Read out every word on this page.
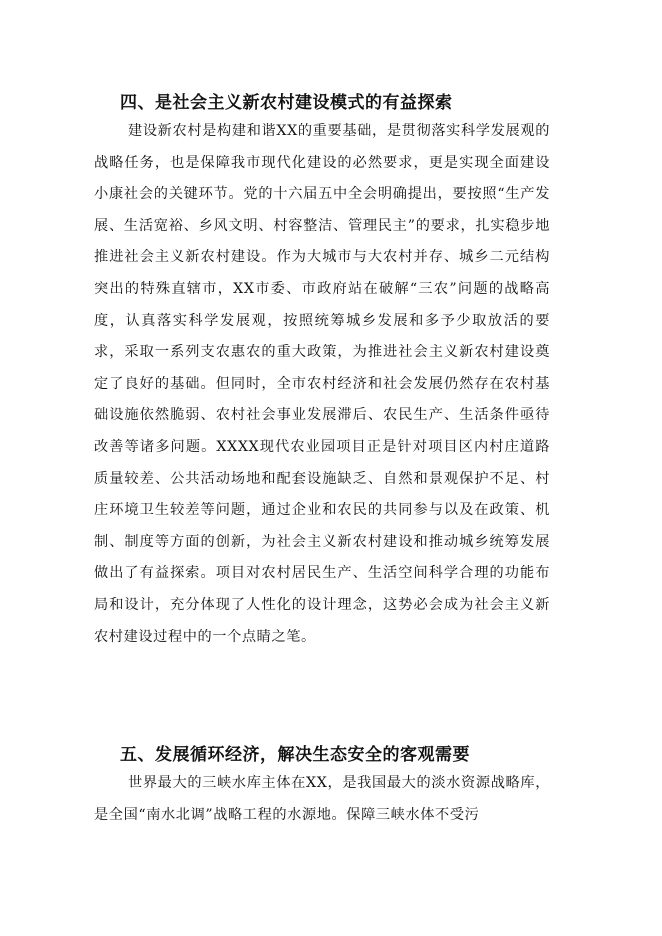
四、是社会主义新农村建设模式的有益探索

建设新农村是构建和谐XX的重要基础，是贯彻落实科学发展观的战略任务，也是保障我市现代化建设的必然要求，更是实现全面建设小康社会的关键环节。党的十六届五中全会明确提出，要按照“生产发展、生活宽裕、乡风文明、村容整洁、管理民主”的要求，扎实稳步地推进社会主义新农村建设。作为大城市与大农村并存、城乡二元结构突出的特殊直辖市，XX市委、市政府站在破解“三农”问题的战略高度，认真落实科学发展观，按照统筹城乡发展和多予少取放活的要求，采取一系列支农惠农的重大政策，为推进社会主义新农村建设奠定了良好的基础。但同时，全市农村经济和社会发展仍然存在农村基础设施依然脆弱、农村社会事业发展滞后、农民生产、生活条件亟待改善等诸多问题。XXXX现代农业园项目正是针对项目区内村庄道路质量较差、公共活动场地和配套设施缺乏、自然和景观保护不足、村庄环境卫生较差等问题，通过企业和农民的共同参与以及在政策、机制、制度等方面的创新，为社会主义新农村建设和推动城乡统筹发展做出了有益探索。项目对农村居民生产、生活空间科学合理的功能布局和设计，充分体现了人性化的设计理念，这势必会成为社会主义新农村建设过程中的一个点睛之笔。

五、发展循环经济，解决生态安全的客观需要

世界最大的三峡水库主体在XX，是我国最大的淡水资源战略库，是全国“南水北调”战略工程的水源地。保障三峡水体不受污
